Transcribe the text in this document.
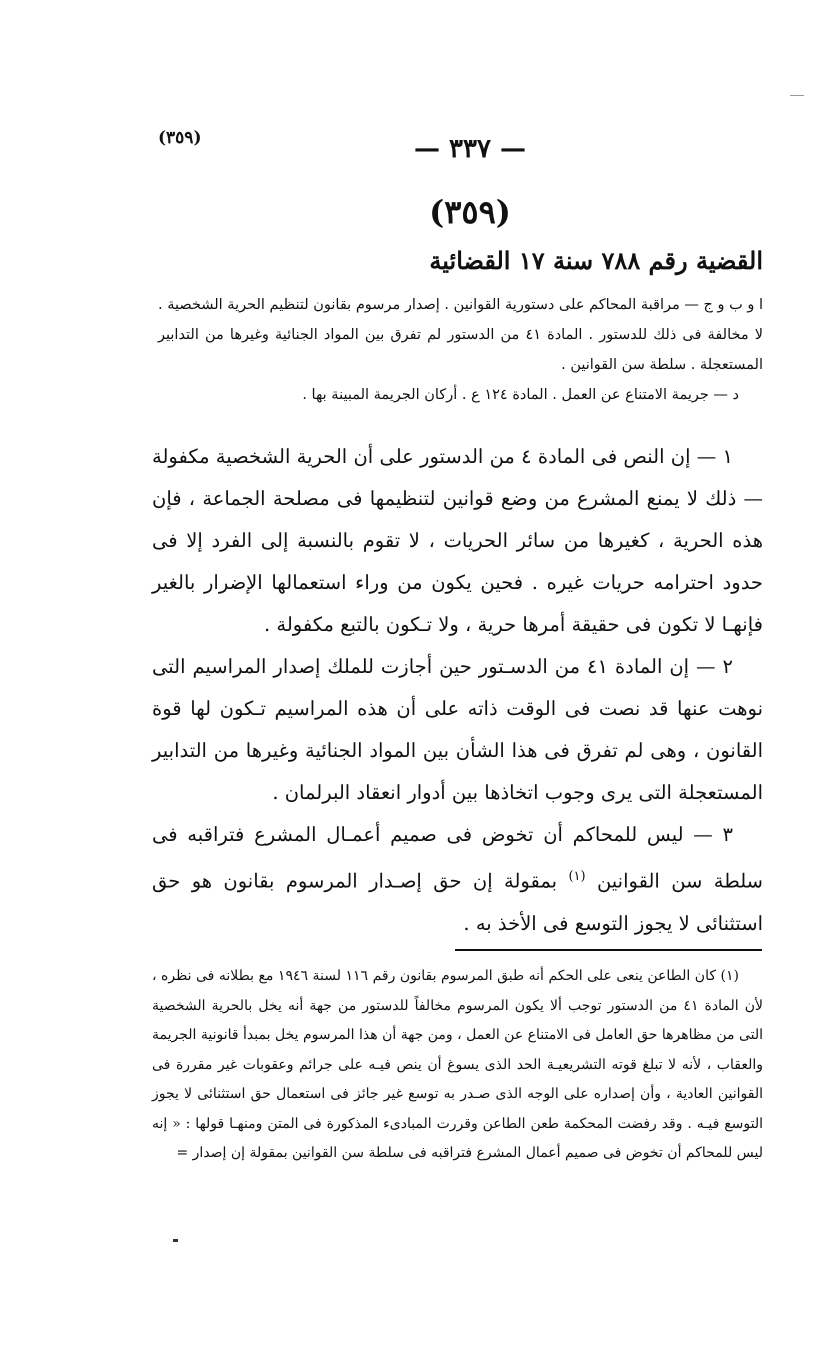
(٣٥٩)	— ٣٣٧ —
(٣٥٩)
القضية رقم ٧٨٨ سنة ١٧ القضائية

ا و ب و ج — مراقبة المحاكم على دستورية القوانين . إصدار مرسوم بقانون لتنظيم الحرية الشخصية . لا مخالفة فى ذلك للدستور . المادة ٤١ من الدستور لم تفرق بين المواد الجنائية وغيرها من التدابير المستعجلة . سلطة سن القوانين .

د — جريمة الامتناع عن العمل . المادة ١٢٤ ع . أركان الجريمة المبينة بها .

١ — إن النص فى المادة ٤ من الدستور على أن الحرية الشخصية مكفولة — ذلك لا يمنع المشرع من وضع قوانين لتنظيمها فى مصلحة الجماعة ، فإن هذه الحرية ، كغيرها من سائر الحريات ، لا تقوم بالنسبة إلى الفرد إلا فى حدود احترامه حريات غيره . فحين يكون من وراء استعمالها الإضرار بالغير فإنهـا لا تكون فى حقيقة أمرها حرية ، ولا تـكون بالتبع مكفولة .

٢ — إن المادة ٤١ من الدسـتور حين أجازت للملك إصدار المراسيم التى نوهت عنها قد نصت فى الوقت ذاته على أن هذه المراسيم تـكون لها قوة القانون ، وهى لم تفرق فى هذا الشأن بين المواد الجنائية وغيرها من التدابير المستعجلة التى يرى وجوب اتخاذها بين أدوار انعقاد البرلمان .

٣ — ليس للمحاكم أن تخوض فى صميم أعمـال المشرع فتراقبه فى سلطة سن القوانين $^{(١)}$ بمقولة إن حق إصـدار المرسوم بقانون هو حق استثنائى لا يجوز التوسع فى الأخذ به .

(١) كان الطاعن ينعى على الحكم أنه طبق المرسوم بقانون رقم ١١٦ لسنة ١٩٤٦ مع بطلانه فى نظره ، لأن المادة ٤١ من الدستور توجب ألا يكون المرسوم مخالفاً للدستور من جهة أنه يخل بالحرية الشخصية التى من مظاهرها حق العامل فى الامتناع عن العمل ، ومن جهة أن هذا المرسوم يخل بمبدأ قانونية الجريمة والعقاب ، لأنه لا تبلغ قوته التشريعيـة الحد الذى يسوغ أن ينص فيـه على جرائم وعقوبات غير مقررة فى القوانين العادية ، وأن إصداره على الوجه الذى صـدر به توسع غير جائز فى استعمال حق استثنائى لا يجوز التوسع فيـه . وقد رفضت المحكمة طعن الطاعن وقررت المبادىء المذكورة فى المتن ومنهـا قولها : « إنه ليس للمحاكم أن تخوض فى صميم أعمال المشرع فتراقبه فى سلطة سن القوانين بمقولة إن إصدار =
